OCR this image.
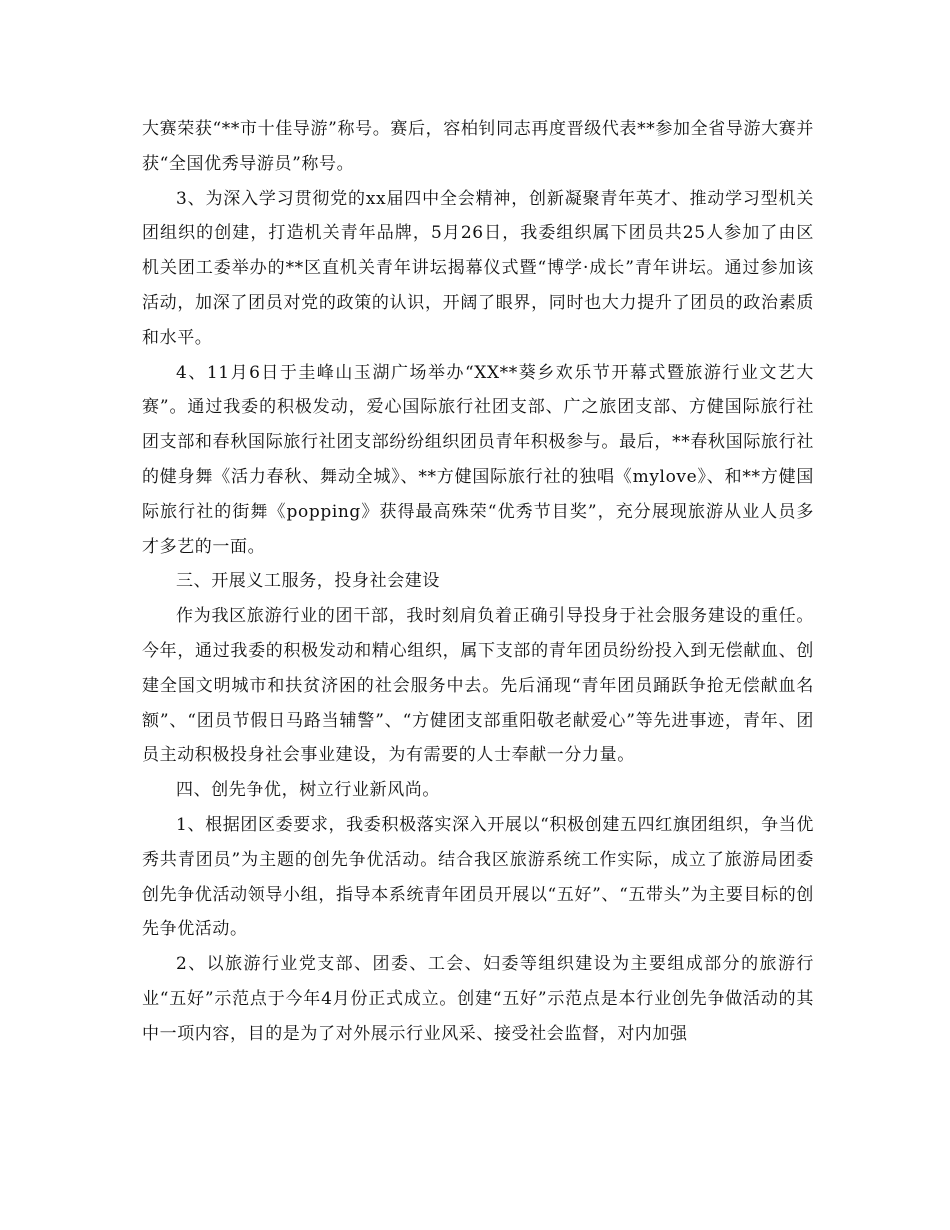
大赛荣获“**市十佳导游”称号。赛后，容柏钊同志再度晋级代表**参加全省导游大赛并获“全国优秀导游员”称号。

3、为深入学习贯彻党的xx届四中全会精神，创新凝聚青年英才、推动学习型机关团组织的创建，打造机关青年品牌，5月26日，我委组织属下团员共25人参加了由区机关团工委举办的**区直机关青年讲坛揭幕仪式暨“博学·成长”青年讲坛。通过参加该活动，加深了团员对党的政策的认识，开阔了眼界，同时也大力提升了团员的政治素质和水平。

4、11月6日于圭峰山玉湖广场举办“XX**葵乡欢乐节开幕式暨旅游行业文艺大赛”。通过我委的积极发动，爱心国际旅行社团支部、广之旅团支部、方健国际旅行社团支部和春秋国际旅行社团支部纷纷组织团员青年积极参与。最后，**春秋国际旅行社的健身舞《活力春秋、舞动全城》、**方健国际旅行社的独唱《mylove》、和**方健国际旅行社的街舞《popping》获得最高殊荣“优秀节目奖”，充分展现旅游从业人员多才多艺的一面。

三、开展义工服务，投身社会建设

作为我区旅游行业的团干部，我时刻肩负着正确引导投身于社会服务建设的重任。今年，通过我委的积极发动和精心组织，属下支部的青年团员纷纷投入到无偿献血、创建全国文明城市和扶贫济困的社会服务中去。先后涌现“青年团员踊跃争抢无偿献血名额”、“团员节假日马路当辅警”、“方健团支部重阳敬老献爱心”等先进事迹，青年、团员主动积极投身社会事业建设，为有需要的人士奉献一分力量。

四、创先争优，树立行业新风尚。

1、根据团区委要求，我委积极落实深入开展以“积极创建五四红旗团组织，争当优秀共青团员”为主题的创先争优活动。结合我区旅游系统工作实际，成立了旅游局团委创先争优活动领导小组，指导本系统青年团员开展以“五好”、“五带头”为主要目标的创先争优活动。

2、以旅游行业党支部、团委、工会、妇委等组织建设为主要组成部分的旅游行业“五好”示范点于今年4月份正式成立。创建“五好”示范点是本行业创先争做活动的其中一项内容，目的是为了对外展示行业风采、接受社会监督，对内加强
